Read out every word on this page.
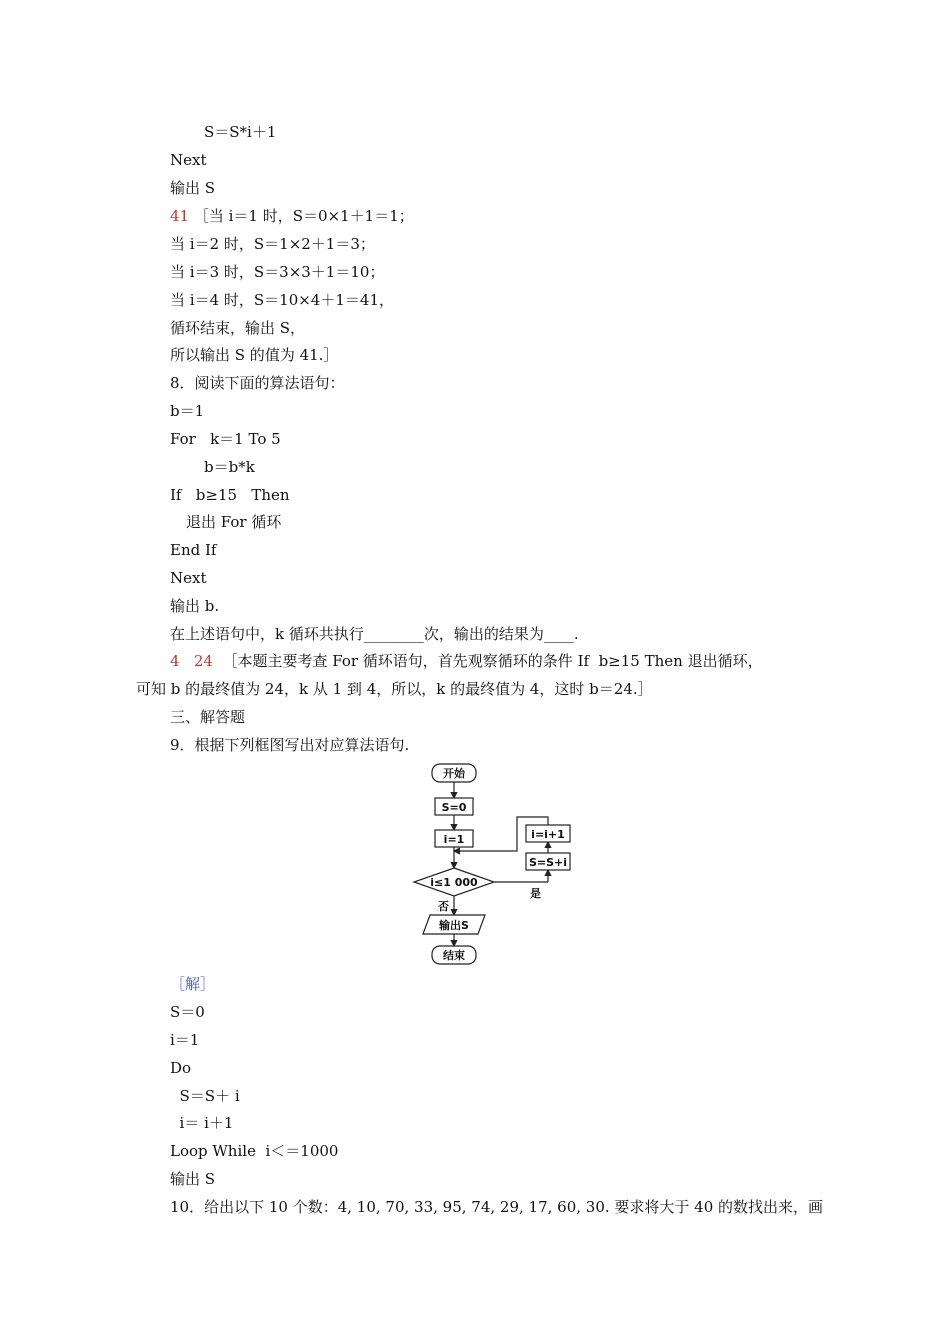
S＝S*i＋1
Next
输出 S
41 ［当 i＝1 时，S＝0×1＋1＝1；
当 i＝2 时，S＝1×2＋1＝3；
当 i＝3 时，S＝3×3＋1＝10；
当 i＝4 时，S＝10×4＋1＝41，
循环结束，输出 S，
所以输出 S 的值为 41.］
8．阅读下面的算法语句：
b＝1
For   k＝1 To 5
b＝b*k
If   b≥15   Then
退出 For 循环
End If
Next
输出 b.
在上述语句中，k 循环共执行________次，输出的结果为____.
4   24  ［本题主要考查 For 循环语句，首先观察循环的条件 If  b≥15 Then 退出循环，
可知 b 的最终值为 24，k 从 1 到 4，所以，k 的最终值为 4，这时 b＝24.］
三、解答题
9．根据下列框图写出对应算法语句.
开始
S=0
i=1
i≤1 000
是
S=S+i
i=i+1
否
输出S
结束
［解］
S＝0
i＝1
Do
S＝S＋ i
i＝ i＋1
Loop While  i＜＝1000
输出 S
10．给出以下 10 个数：4, 10, 70, 33, 95, 74, 29, 17, 60, 30. 要求将大于 40 的数找出来，画
